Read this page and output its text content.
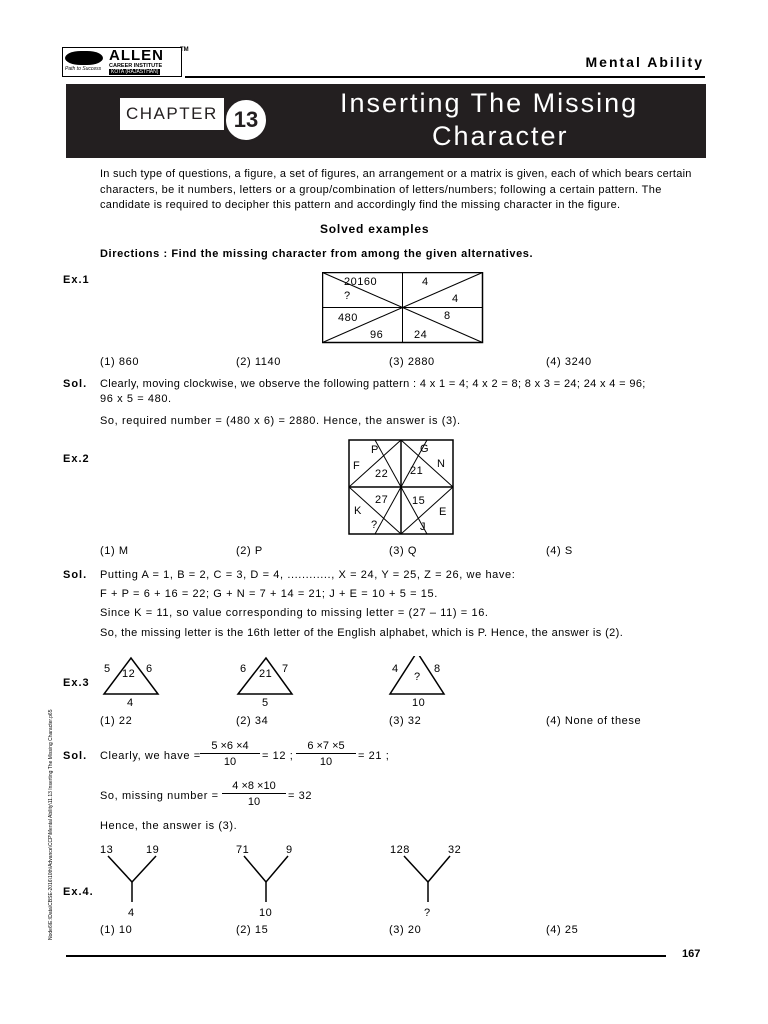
Path to Success
ALLEN
CAREER INSTITUTE
KOTA (RAJASTHAN)
TM
Mental Ability
CHAPTER 13
Inserting The Missing
Character
In such type of questions, a figure, a set of figures, an arrangement or a matrix is given, each of which bears certain
characters, be it numbers, letters or a group/combination of letters/numbers; following a certain pattern. The
candidate is required to decipher this pattern and accordingly find the missing character in the figure.
Solved examples
Directions : Find the missing character from among the given alternatives.
Ex.1	20160	4
?	4
480	8
96	24
(1) 860	(2) 1140	(3) 2880	(4) 3240
Sol. Clearly, moving clockwise, we observe the following pattern : 4 x 1 = 4; 4 x 2 = 8; 8 x 3 = 24; 24 x 4 = 96;
96 x 5 = 480.
So, required number = (480 x 6) = 2880. Hence, the answer is (3).
Ex.2
P
F
22
G
N
21
27
K
?
15
E
J
(1) M	(2) P	(3) Q	(4) S
Sol. Putting A = 1, B = 2, C = 3, D = 4, ............, X = 24, Y = 25, Z = 26, we have:
F + P = 6 + 16 = 22; G + N = 7 + 14 = 21; J + E = 10 + 5 = 15.
Since K = 11, so value corresponding to missing letter = (27 – 11) = 16.
So, the missing letter is the 16th letter of the English alphabet, which is P. Hence, the answer is (2).
Ex.3
5	6
12
4
6	7
21
5
4	8
?
10
(1) 22	(2) 34	(3) 32	(4) None of these
Sol. Clearly, we have = $\frac{5 \times 6 \times 4}{10} = 12$ ; $\frac{6 \times 7 \times 5}{10} = 21$ ;
So, missing number = $\frac{4 \times 8 \times 10}{10} = 32$
Hence, the answer is (3).
Ex.4.
13	19
4
71	9
10
128	32
?
(1) 10	(2) 15	(3) 20	(4) 25
Node6\E:\Data\CBSE-2016\10th\Advance\CCP\Mental Ability\11.13 Inserting The Missing Character.p65
167
